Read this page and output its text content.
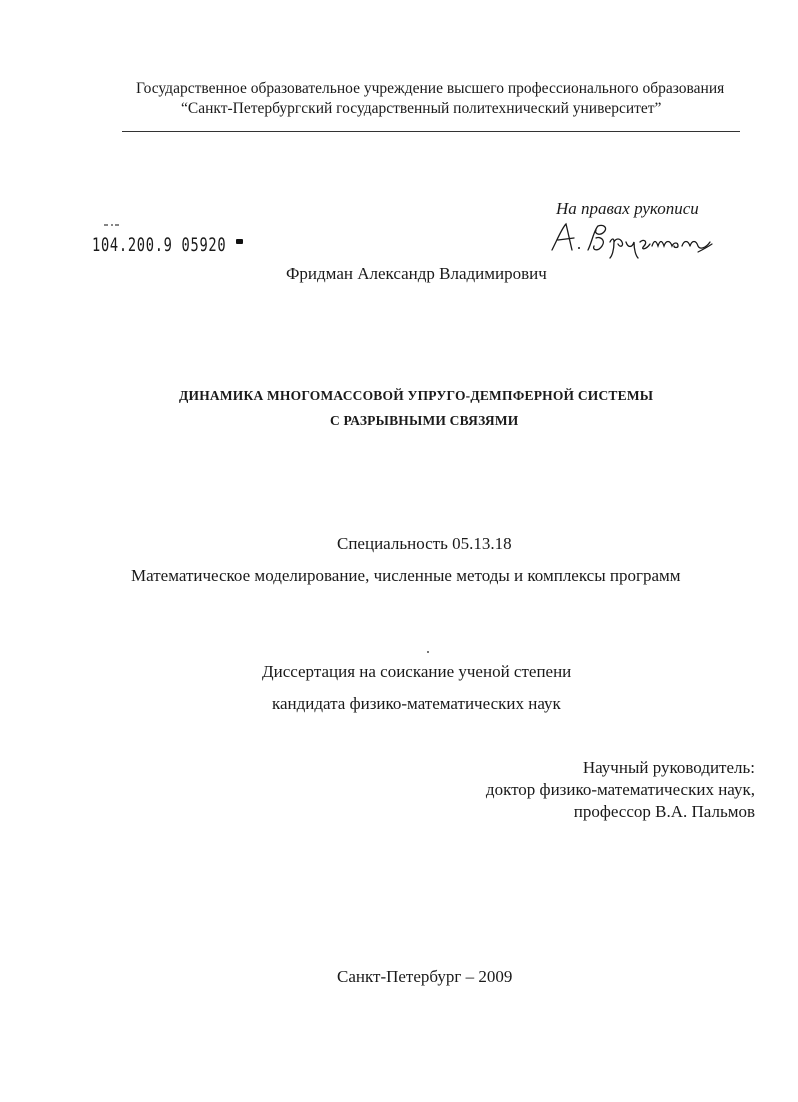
Государственное образовательное учреждение высшего профессионального образования
“Санкт-Петербургский государственный политехнический университет”
На правах рукописи
104.200.9 05920
Фридман Александр Владимирович
ДИНАМИКА МНОГОМАССОВОЙ УПРУГО-ДЕМПФЕРНОЙ СИСТЕМЫ
С РАЗРЫВНЫМИ СВЯЗЯМИ
Специальность 05.13.18
Математическое моделирование, численные методы и комплексы программ
Диссертация на соискание ученой степени
кандидата физико-математических наук
Научный руководитель:
доктор физико-математических наук,
профессор В.А. Пальмов
Санкт-Петербург – 2009
